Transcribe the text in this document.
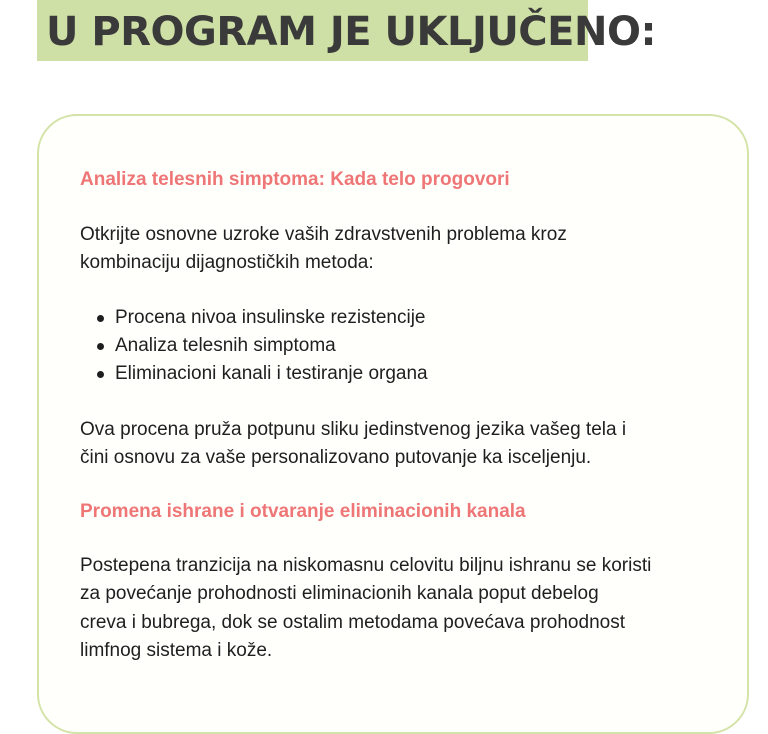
U PROGRAM JE UKLJUČENO:
Analiza telesnih simptoma: Kada telo progovori

Otkrijte osnovne uzroke vaših zdravstvenih problema kroz
kombinaciju dijagnostičkih metoda:

Procena nivoa insulinske rezistencije
Analiza telesnih simptoma
Eliminacioni kanali i testiranje organa

Ova procena pruža potpunu sliku jedinstvenog jezika vašeg tela i
čini osnovu za vaše personalizovano putovanje ka isceljenju.

Promena ishrane i otvaranje eliminacionih kanala

Postepena tranzicija na niskomasnu celovitu biljnu ishranu se koristi
za povećanje prohodnosti eliminacionih kanala poput debelog
creva i bubrega, dok se ostalim metodama povećava prohodnost
limfnog sistema i kože.
